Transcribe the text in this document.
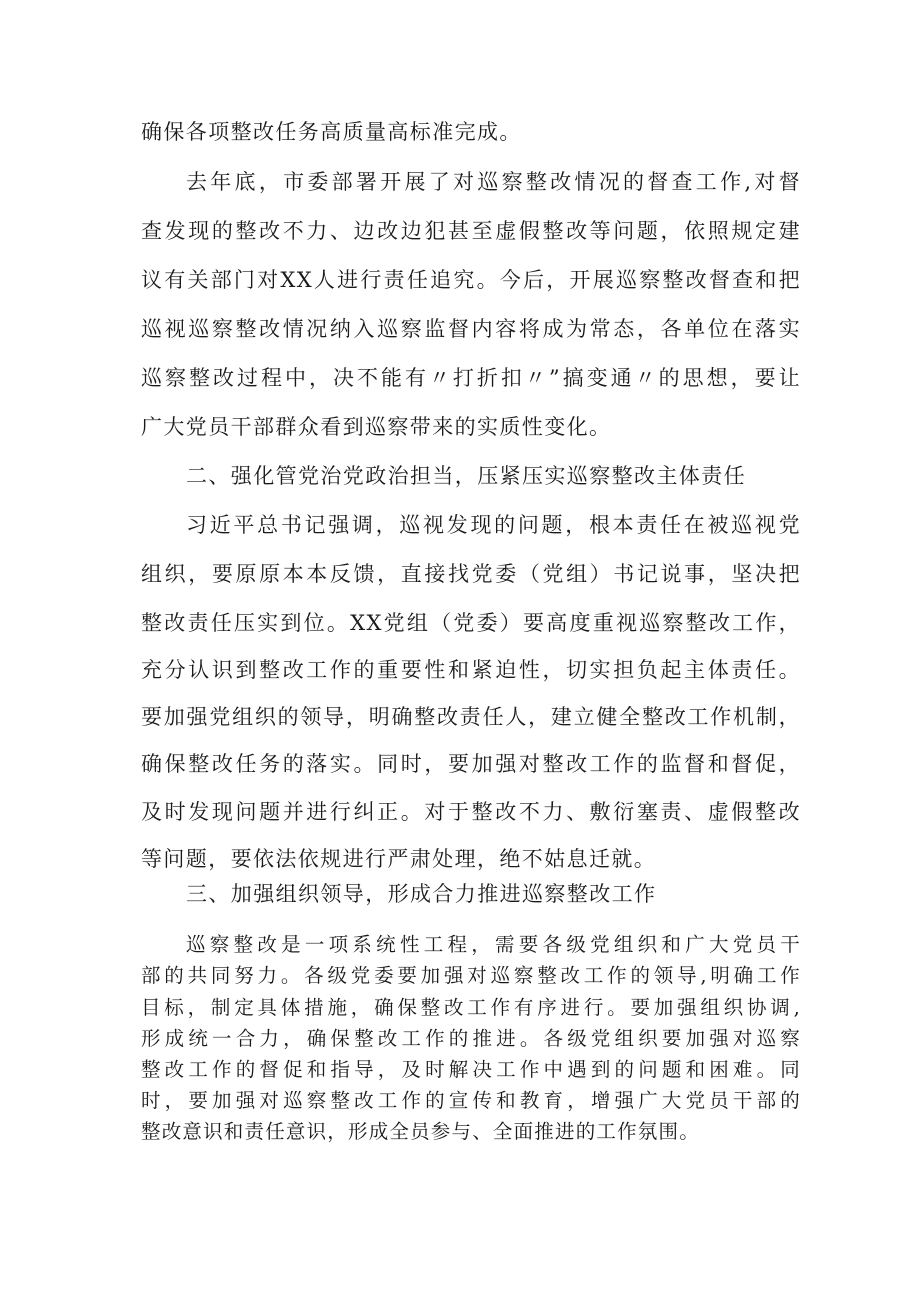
确保各项整改任务高质量高标准完成。

去年底，市委部署开展了对巡察整改情况的督查工作,对督

查发现的整改不力、边改边犯甚至虚假整改等问题，依照规定建

议有关部门对XX人进行责任追究。今后，开展巡察整改督查和把

巡视巡察整改情况纳入巡察监督内容将成为常态，各单位在落实

巡察整改过程中，决不能有〃打折扣〃”搞变通〃的思想，要让

广大党员干部群众看到巡察带来的实质性变化。

二、强化管党治党政治担当，压紧压实巡察整改主体责任

习近平总书记强调，巡视发现的问题，根本责任在被巡视党

组织，要原原本本反馈，直接找党委（党组）书记说事，坚决把

整改责任压实到位。XX党组（党委）要高度重视巡察整改工作，

充分认识到整改工作的重要性和紧迫性，切实担负起主体责任。

要加强党组织的领导，明确整改责任人，建立健全整改工作机制，

确保整改任务的落实。同时，要加强对整改工作的监督和督促，

及时发现问题并进行纠正。对于整改不力、敷衍塞责、虚假整改

等问题，要依法依规进行严肃处理，绝不姑息迁就。

三、加强组织领导，形成合力推进巡察整改工作

巡察整改是一项系统性工程，需要各级党组织和广大党员干

部的共同努力。各级党委要加强对巡察整改工作的领导,明确工作

目标，制定具体措施，确保整改工作有序进行。要加强组织协调,

形成统一合力，确保整改工作的推进。各级党组织要加强对巡察

整改工作的督促和指导，及时解决工作中遇到的问题和困难。同

时，要加强对巡察整改工作的宣传和教育，增强广大党员干部的

整改意识和责任意识，形成全员参与、全面推进的工作氛围。
